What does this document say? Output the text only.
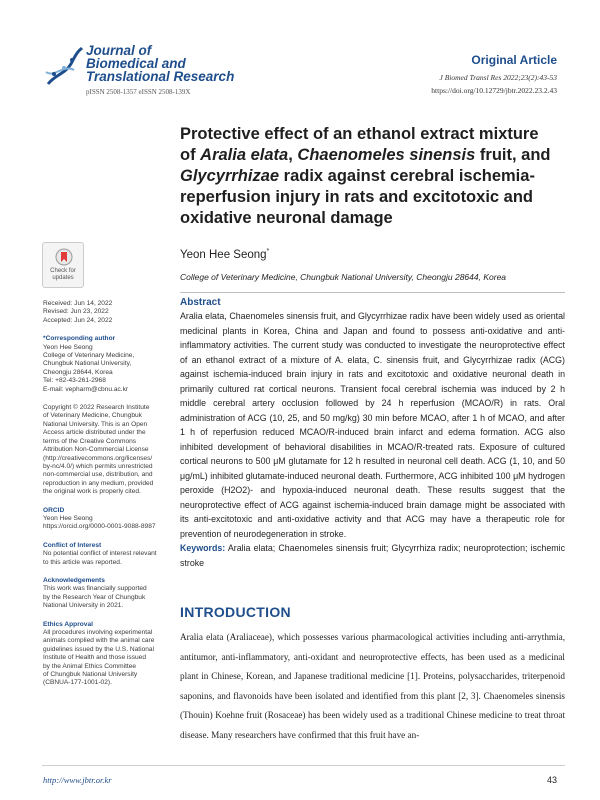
Journal of
Biomedical and
Translational Research
pISSN 2508-1357 eISSN 2508-139X
Original Article
J Biomed Transl Res 2022;23(2):43-53
https://doi.org/10.12729/jbtr.2022.23.2.43
Protective effect of an ethanol extract mixture
of Aralia elata, Chaenomeles sinensis fruit, and
Glycyrrhizae radix against cerebral ischemia-
reperfusion injury in rats and excitotoxic and
oxidative neuronal damage
Check for
updates
Yeon Hee Seong*
College of Veterinary Medicine, Chungbuk National University, Cheongju 28644, Korea
Received: Jun 14, 2022
Revised: Jun 23, 2022
Accepted: Jun 24, 2022
*Corresponding author
Yeon Hee Seong
College of Veterinary Medicine,
Chungbuk National University,
Cheongju 28644, Korea
Tel: +82-43-261-2968
E-mail: vepharm@cbnu.ac.kr
Copyright © 2022 Research Institute
of Veterinary Medicine, Chungbuk
National University. This is an Open
Access article distributed under the
terms of the Creative Commons
Attribution Non-Commercial License
(http://creativecommons.org/licenses/
by-nc/4.0/) which permits unrestricted
non-commercial use, distribution, and
reproduction in any medium, provided
the original work is properly cited.
ORCID
Yeon Hee Seong
https://orcid.org/0000-0001-9088-8987
Conflict of Interest
No potential conflict of interest relevant
to this article was reported.
Acknowledgements
This work was financially supported
by the Research Year of Chungbuk
National University in 2021.
Ethics Approval
All procedures involving experimental
animals complied with the animal care
guidelines issued by the U.S. National
Institute of Health and those issued
by the Animal Ethics Committee
of Chungbuk National University
(CBNUA-177-1001-02).
Abstract
Aralia elata, Chaenomeles sinensis fruit, and Glycyrrhizae radix have been widely used as oriental medicinal plants in Korea, China and Japan and found to possess anti-oxidative and anti-inflammatory activities. The current study was conducted to investigate the neuroprotective effect of an ethanol extract of a mixture of A. elata, C. sinensis fruit, and Glycyrrhizae radix (ACG) against ischemia-induced brain injury in rats and excitotoxic and oxidative neuronal death in primarily cultured rat cortical neurons. Transient focal cerebral ischemia was induced by 2 h middle cerebral artery occlusion followed by 24 h reperfusion (MCAO/R) in rats. Oral administration of ACG (10, 25, and 50 mg/kg) 30 min before MCAO, after 1 h of MCAO, and after 1 h of reperfusion reduced MCAO/R-induced brain infarct and edema formation. ACG also inhibited development of behavioral disabilities in MCAO/R-treated rats. Exposure of cultured cortical neurons to 500 μM glutamate for 12 h resulted in neuronal cell death. ACG (1, 10, and 50 μg/mL) inhibited glutamate-induced neuronal death. Furthermore, ACG inhibited 100 μM hydrogen peroxide (H2O2)- and hypoxia-induced neuronal death. These results suggest that the neuroprotective effect of ACG against ischemia-induced brain damage might be associated with its anti-excitotoxic and anti-oxidative activity and that ACG may have a therapeutic role for prevention of neurodegeneration in stroke.
Keywords: Aralia elata; Chaenomeles sinensis fruit; Glycyrrhiza radix; neuroprotection; ischemic stroke
INTRODUCTION
Aralia elata (Araliaceae), which possesses various pharmacological activities including anti-arrythmia, antitumor, anti-inflammatory, anti-oxidant and neuroprotective effects, has been used as a medicinal plant in Chinese, Korean, and Japanese traditional medicine [1]. Proteins, polysaccharides, triterpenoid saponins, and flavonoids have been isolated and identified from this plant [2, 3]. Chaenomeles sinensis (Thouin) Koehne fruit (Rosaceae) has been widely used as a traditional Chinese medicine to treat throat disease. Many researchers have confirmed that this fruit have an-
http://www.jbtr.or.kr	43
